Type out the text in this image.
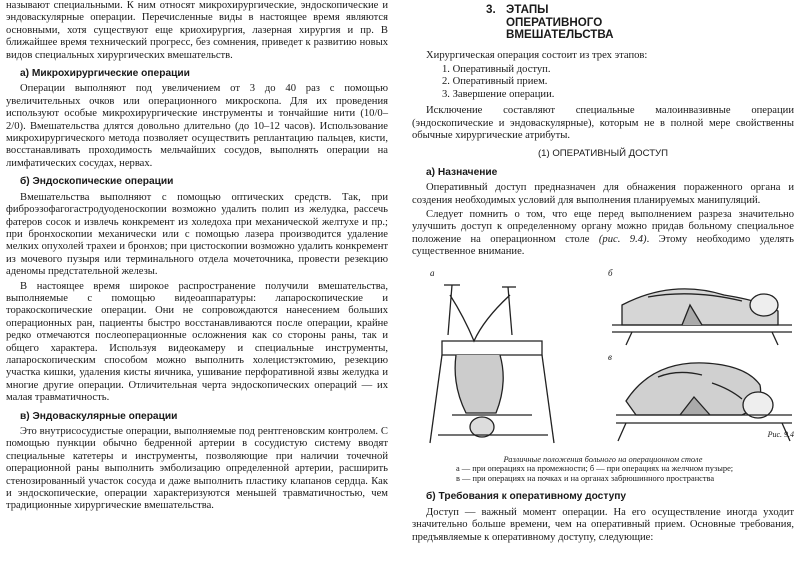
называют специальными. К ним относят микрохирургические, эндоскопические и эндоваскулярные операции. Перечисленные виды в настоящее время являются основными, хотя существуют еще криохирургия, лазерная хирургия и пр. В ближайшее время технический прогресс, без сомнения, приведет к развитию новых видов специальных хирургических вмешательств.

а) Микрохирургические операции

Операции выполняют под увеличением от 3 до 40 раз с помощью увеличительных очков или операционного микроскопа. Для их проведения используют особые микрохирургические инструменты и тончайшие нити (10/0–2/0). Вмешательства длятся довольно длительно (до 10–12 часов). Использование микрохирургического метода позволяет осуществить реплантацию пальцев, кисти, восстанавливать проходимость мельчайших сосудов, выполнять операции на лимфатических сосудах, нервах.

б) Эндоскопические операции

Вмешательства выполняют с помощью оптических средств. Так, при фиброэзофагогастродуоденоскопии возможно удалить полип из желудка, рассечь фатеров сосок и извлечь конкремент из холедоха при механической желтухе и пр.; при бронхоскопии механически или с помощью лазера производится удаление мелких опухолей трахеи и бронхов; при цистоскопии возможно удалить конкремент из мочевого пузыря или терминального отдела мочеточника, провести резекцию аденомы предстательной железы.

В настоящее время широкое распространение получили вмешательства, выполняемые с помощью видеоаппаратуры: лапароскопические и торакоскопические операции. Они не сопровождаются нанесением больших операционных ран, пациенты быстро восстанавливаются после операции, крайне редко отмечаются послеоперационные осложнения как со стороны раны, так и общего характера. Используя видеокамеру и специальные инструменты, лапароскопическим способом можно выполнить холецистэктомию, резекцию участка кишки, удаления кисты яичника, ушивание перфоративной язвы желудка и многие другие операции. Отличительная черта эндоскопических операций — их малая травматичность.

в) Эндоваскулярные операции

Это внутрисосудистые операции, выполняемые под рентгеновским контролем. С помощью пункции обычно бедренной артерии в сосудистую систему вводят специальные катетеры и инструменты, позволяющие при наличии точечной операционной раны выполнить эмболизацию определенной артерии, расширить стенозированный участок сосуда и даже выполнить пластику клапанов сердца. Как и эндоскопические, операции характеризуются меньшей травматичностью, чем традиционные хирургические вмешательства.

3. ЭТАПЫ
ОПЕРАТИВНОГО
ВМЕШАТЕЛЬСТВА

Хирургическая операция состоит из трех этапов:

1. Оперативный доступ.
2. Оперативный прием.
3. Завершение операции.

Исключение составляют специальные малоинвазивные операции (эндоскопические и эндоваскулярные), которым не в полной мере свойственны обычные хирургические атрибуты.

(1) ОПЕРАТИВНЫЙ ДОСТУП
а) Назначение

Оперативный доступ предназначен для обнажения пораженного органа и создения необходимых условий для выполнения планируемых манипуляций.

Следует помнить о том, что еще перед выполнением разреза значительно улучшить доступ к определенному органу можно придав больному специальное положение на операционном столе (рис. 9.4). Этому необходимо уделять существенное внимание.

а	б
в
Рис. 9.4
Различные положения больного на операционном столе
а — при операциях на промежности; б — при операциях на желчном пузыре;
в — при операциях на почках и на органах забрюшинного пространства
б) Требования к оперативному доступу

Доступ — важный момент операции. На его осуществление иногда уходит значительно больше времени, чем на оперативный прием. Основные требования, предъявляемые к оперативному доступу, следующие:
